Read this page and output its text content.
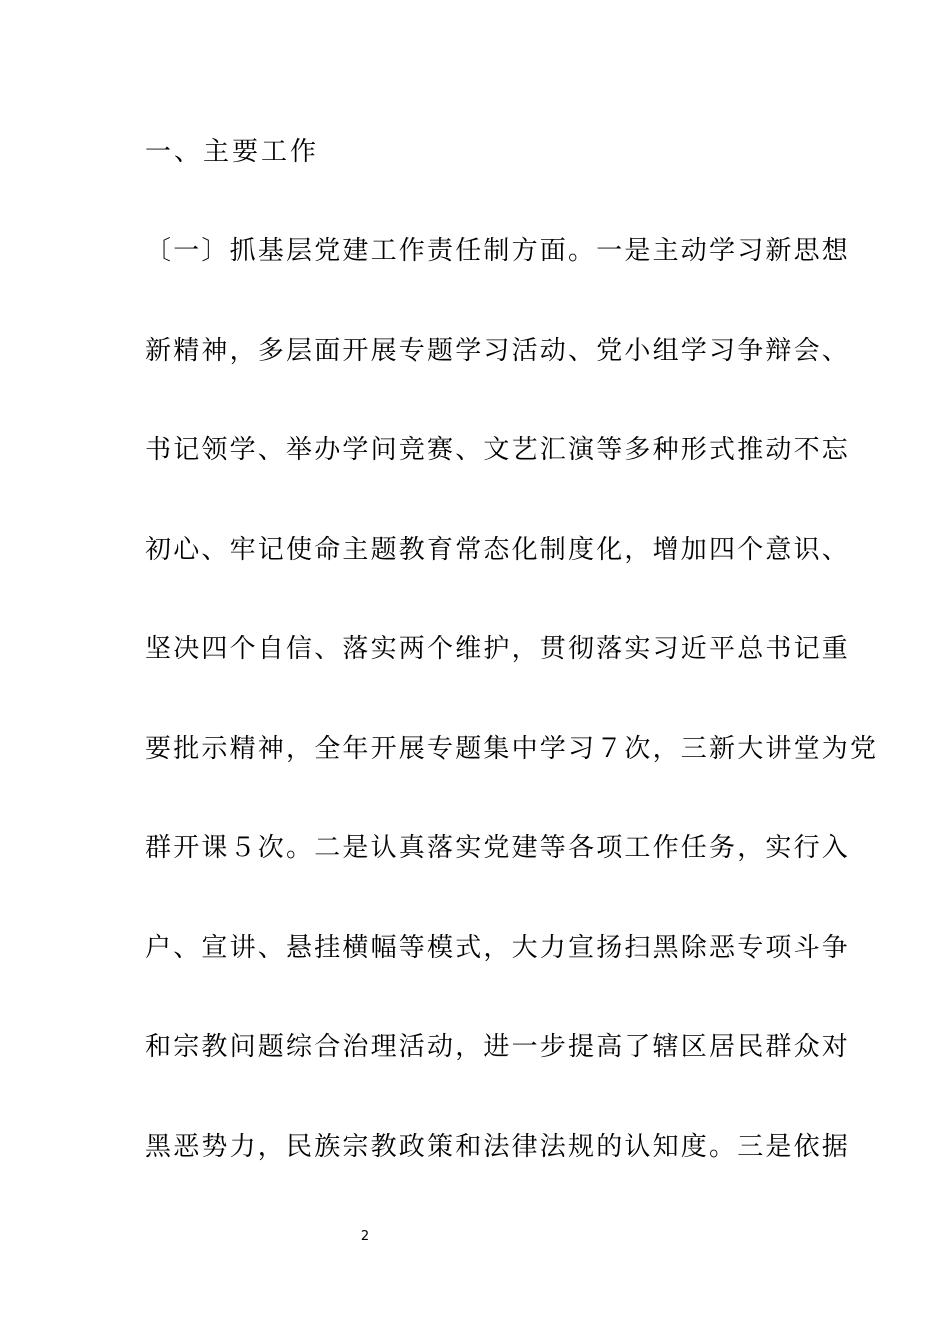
一、主要工作
〔一〕抓基层党建工作责任制方面。一是主动学习新思想
新精神，多层面开展专题学习活动、党小组学习争辩会、
书记领学、举办学问竞赛、文艺汇演等多种形式推动不忘
初心、牢记使命主题教育常态化制度化，增加四个意识、
坚决四个自信、落实两个维护，贯彻落实习近平总书记重
要批示精神，全年开展专题集中学习７次，三新大讲堂为党
群开课５次。二是认真落实党建等各项工作任务，实行入
户、宣讲、悬挂横幅等模式，大力宣扬扫黑除恶专项斗争
和宗教问题综合治理活动，进一步提高了辖区居民群众对
黑恶势力，民族宗教政策和法律法规的认知度。三是依据
2
